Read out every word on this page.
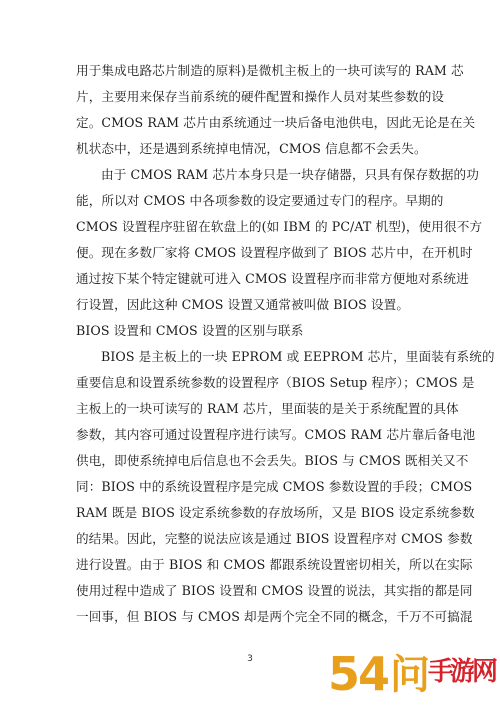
用于集成电路芯片制造的原料)是微机主板上的一块可读写的 RAM 芯
片，主要用来保存当前系统的硬件配置和操作人员对某些参数的设
定。CMOS RAM 芯片由系统通过一块后备电池供电，因此无论是在关
机状态中，还是遇到系统掉电情况，CMOS 信息都不会丢失。
由于 CMOS RAM 芯片本身只是一块存储器，只具有保存数据的功
能，所以对 CMOS 中各项参数的设定要通过专门的程序。早期的
CMOS 设置程序驻留在软盘上的(如 IBM 的 PC/AT 机型)，使用很不方
便。现在多数厂家将 CMOS 设置程序做到了 BIOS 芯片中，在开机时
通过按下某个特定键就可进入 CMOS 设置程序而非常方便地对系统进
行设置，因此这种 CMOS 设置又通常被叫做 BIOS 设置。
BIOS 设置和 CMOS 设置的区别与联系
BIOS 是主板上的一块 EPROM 或 EEPROM 芯片，里面装有系统的
重要信息和设置系统参数的设置程序（BIOS Setup 程序）；CMOS 是
主板上的一块可读写的 RAM 芯片，里面装的是关于系统配置的具体
参数，其内容可通过设置程序进行读写。CMOS RAM 芯片靠后备电池
供电，即使系统掉电后信息也不会丢失。BIOS 与 CMOS 既相关又不
同：BIOS 中的系统设置程序是完成 CMOS 参数设置的手段；CMOS
RAM 既是 BIOS 设定系统参数的存放场所，又是 BIOS 设定系统参数
的结果。因此，完整的说法应该是通过 BIOS 设置程序对 CMOS 参数
进行设置。由于 BIOS 和 CMOS 都跟系统设置密切相关，所以在实际
使用过程中造成了 BIOS 设置和 CMOS 设置的说法，其实指的都是同
一回事，但 BIOS 与 CMOS 却是两个完全不同的概念，千万不可搞混
3	5
4 问
手
游
网
